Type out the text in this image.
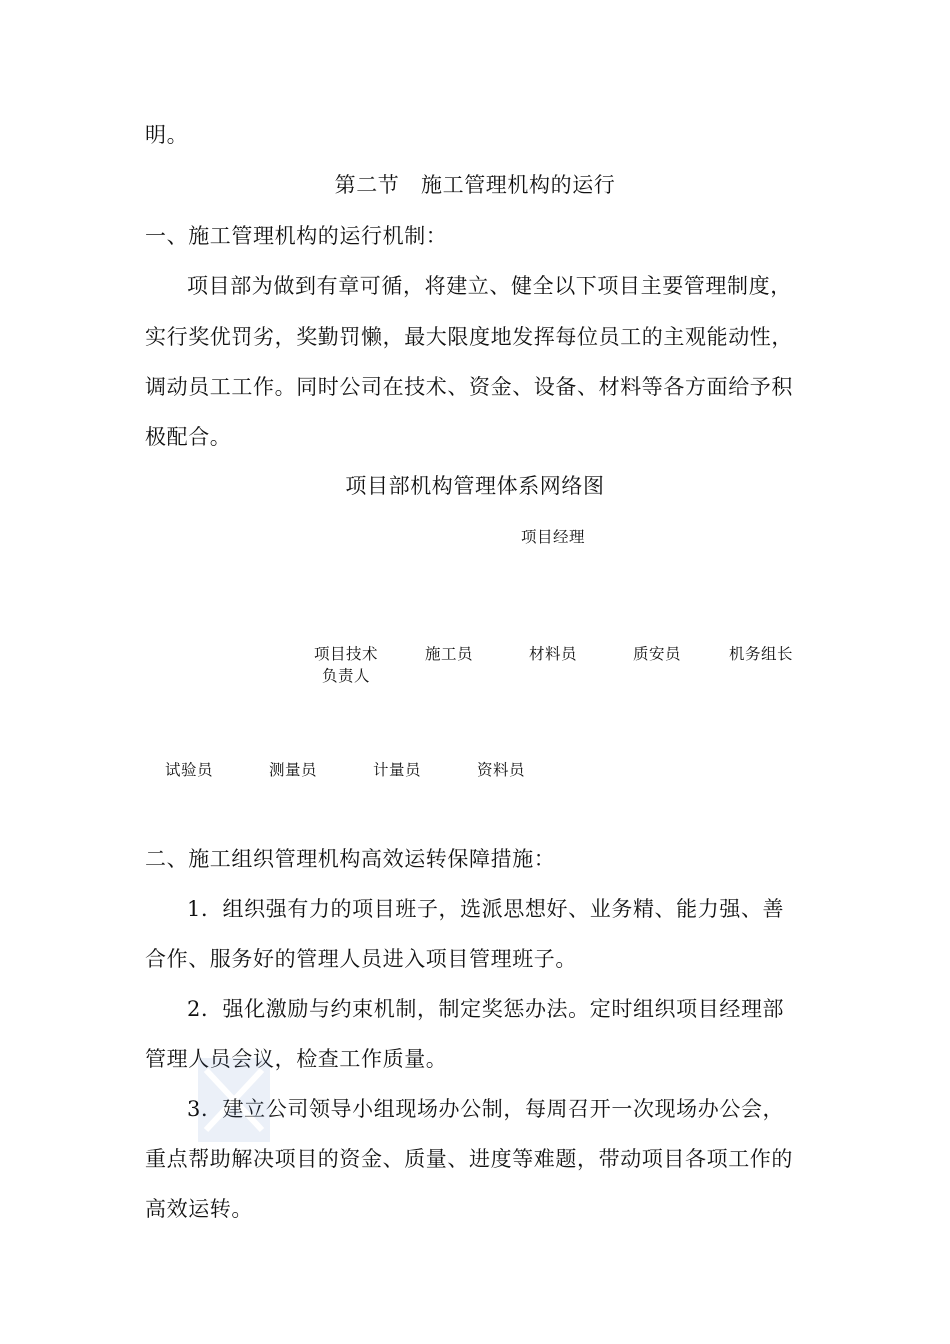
明。
第二节　施工管理机构的运行
一、施工管理机构的运行机制：
项目部为做到有章可循，将建立、健全以下项目主要管理制度，
实行奖优罚劣，奖勤罚懒，最大限度地发挥每位员工的主观能动性，
调动员工工作。同时公司在技术、资金、设备、材料等各方面给予积
极配合。
项目部机构管理体系网络图
项目经理
项目技术
负责人
施工员	材料员	质安员	机务组长
试验员	测量员	计量员	资料员
二、施工组织管理机构高效运转保障措施：
1．组织强有力的项目班子，选派思想好、业务精、能力强、善
合作、服务好的管理人员进入项目管理班子。
2．强化激励与约束机制，制定奖惩办法。定时组织项目经理部
管理人员会议，检查工作质量。
3．建立公司领导小组现场办公制，每周召开一次现场办公会，
重点帮助解决项目的资金、质量、进度等难题，带动项目各项工作的
高效运转。
